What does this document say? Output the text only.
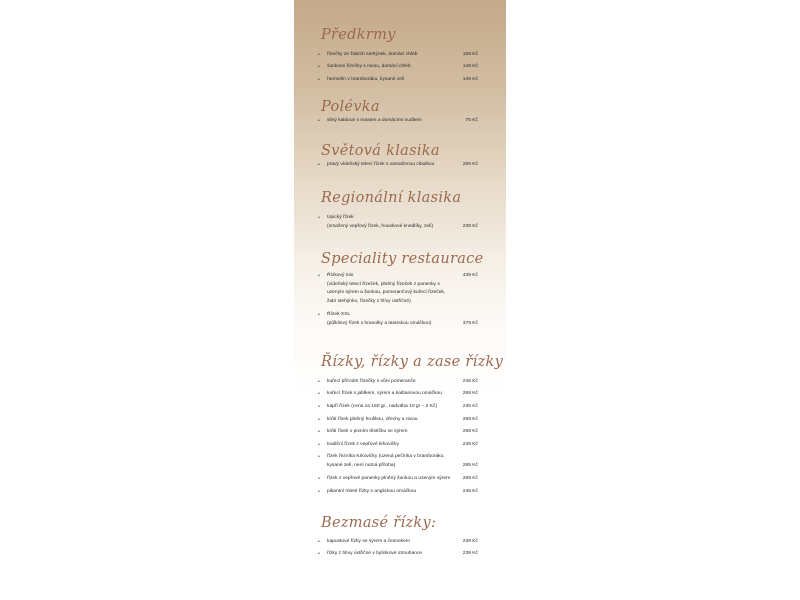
Předkrmy
•	řízečky ze žabích stehýnek, domácí chléb	159 Kč
•	šunkové řízečky s nivou, domácí chléb	149 Kč
•	hermelín v bramboráku, kysané zelí	149 Kč
Polévka
•	silný kaldoun s masem a domácími nudlemi	75 Kč
Světová klasika
•	pravý vídeňský telecí řízek s osmaženou cibulkou	269 Kč
Regionální klasika
•	Úpický řízek
(smažený vepřový řízek, houskové knedlíky, zelí)	239 Kč
Speciality restaurace
•	Řízkový mix
(vídeňský telecí řízeček, plněný řízeček z panenky s uzeným sýrem a šunkou, pomerančový kuřecí řízeček, žabí stehýnko, řízečky z hlívy ústřičné)
439 Kč
•	Řízek XXL
(půlkilový řízek s hranolky a tatarskou omáčkou)	379 Kč
Řízky, řízky a zase řízky
•	kuřecí přírodní řízečky s vůní pomeranče	245 Kč
•	kuřecí řízek s jablkem, sýrem a kaštanovou omáčkou	269 Kč
•	kapří řízek (cena za 150 gr., nadváha 10 gr – 2 Kč)	235 Kč
•	krůtí řízek plněný hruškou, ořechy a nivou	269 Kč
•	krůtí řízek v pivním těstíčku se sýrem	269 Kč
•	tradiční řízek z vepřové krkovičky	239 Kč
•	řízek řezníka Krkovičky (uzená pečínka v bramboráku, kysané zelí, není nutná příloha)	265 Kč
•	řízek z vepřové panenky plněný šunkou a uzeným sýrem	269 Kč
•	pikantní mleté řízky s anglickou omáčkou	245 Kč
Bezmasé řízky:
•	kapustové řízky se sýrem a česnekem	239 Kč
•	řízky z hlívy ústřičné v bylinkové strouhance	239 Kč
